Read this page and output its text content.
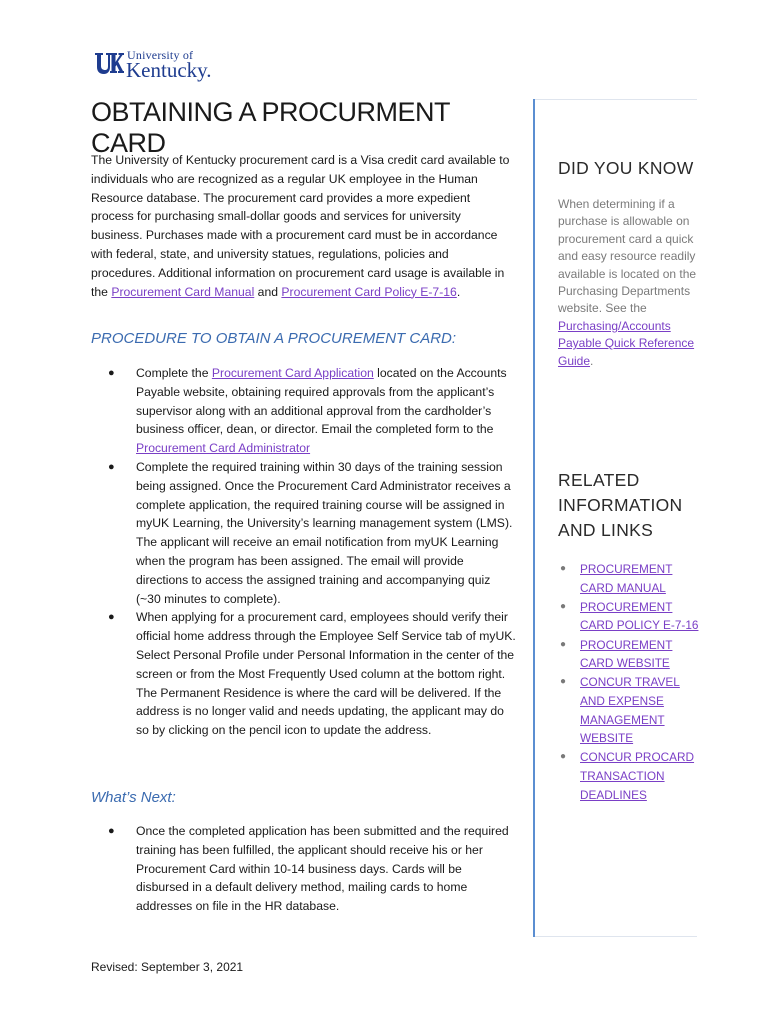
University of
Kentucky.
OBTAINING A PROCURMENT CARD

The University of Kentucky procurement card is a Visa credit card available to individuals who are recognized as a regular UK employee in the Human Resource database. The procurement card provides a more expedient process for purchasing small-dollar goods and services for university business. Purchases made with a procurement card must be in accordance with federal, state, and university statues, regulations, policies and procedures. Additional information on procurement card usage is available in the Procurement Card Manual and Procurement Card Policy E-7-16.

PROCEDURE TO OBTAIN A PROCUREMENT CARD:
● Complete the Procurement Card Application located on the Accounts Payable website, obtaining required approvals from the applicant’s supervisor along with an additional approval from the cardholder’s business officer, dean, or director. Email the completed form to the Procurement Card Administrator
● Complete the required training within 30 days of the training session being assigned. Once the Procurement Card Administrator receives a complete application, the required training course will be assigned in myUK Learning, the University’s learning management system (LMS). The applicant will receive an email notification from myUK Learning when the program has been assigned. The email will provide directions to access the assigned training and accompanying quiz (~30 minutes to complete).
● When applying for a procurement card, employees should verify their official home address through the Employee Self Service tab of myUK. Select Personal Profile under Personal Information in the center of the screen or from the Most Frequently Used column at the bottom right. The Permanent Residence is where the card will be delivered. If the address is no longer valid and needs updating, the applicant may do so by clicking on the pencil icon to update the address.
What’s Next:
● Once the completed application has been submitted and the required training has been fulfilled, the applicant should receive his or her Procurement Card within 10-14 business days. Cards will be disbursed in a default delivery method, mailing cards to home addresses on file in the HR database.
DID YOU KNOW

When determining if a purchase is allowable on procurement card a quick and easy resource readily available is located on the Purchasing Departments website. See the Purchasing/Accounts Payable Quick Reference Guide.

RELATED INFORMATION AND LINKS
● PROCUREMENT CARD MANUAL
● PROCUREMENT CARD POLICY E-7-16
● PROCUREMENT CARD WEBSITE
● CONCUR TRAVEL AND EXPENSE MANAGEMENT WEBSITE
● CONCUR PROCARD TRANSACTION DEADLINES
Revised: September 3, 2021
